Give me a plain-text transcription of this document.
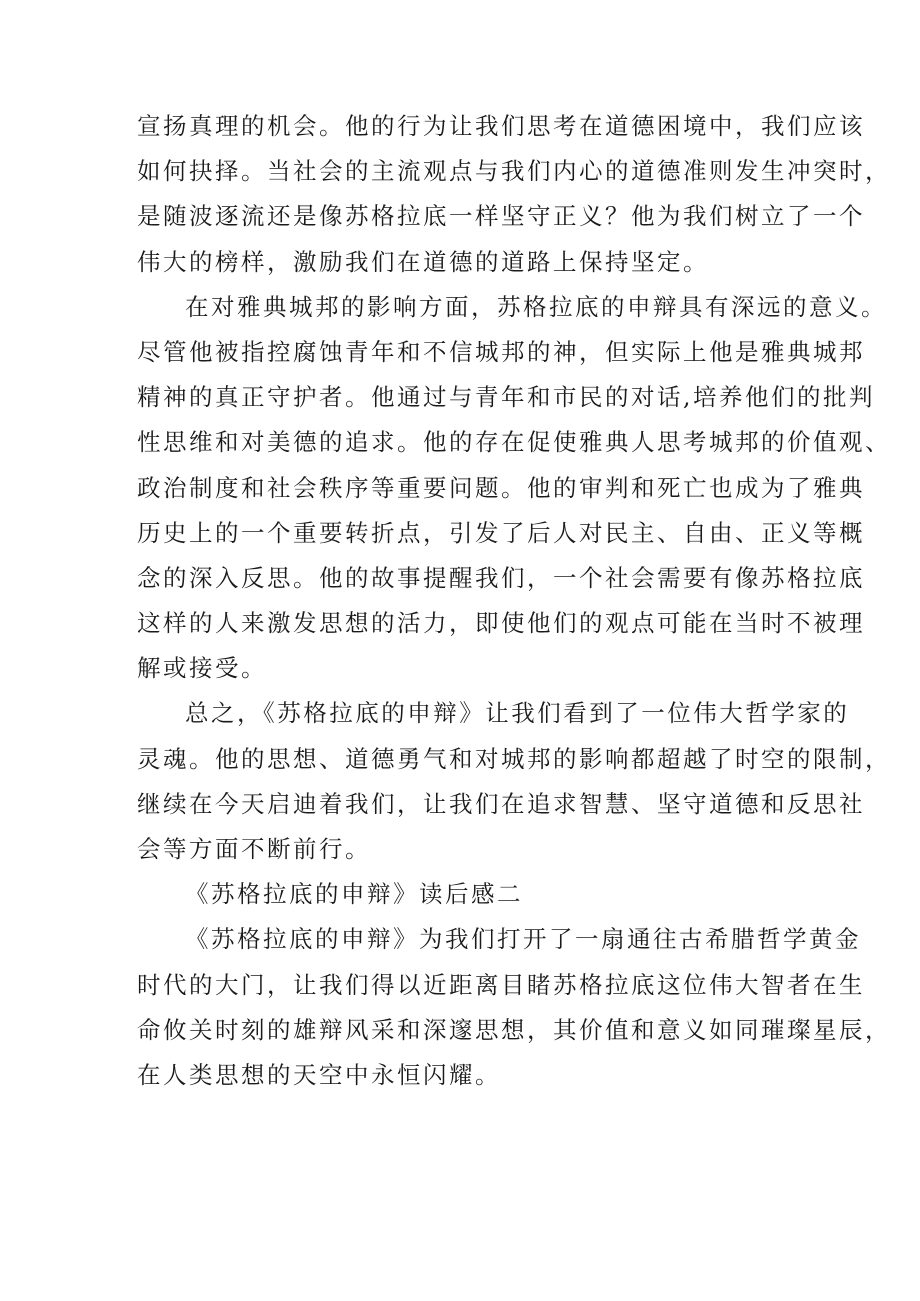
宣扬真理的机会。他的行为让我们思考在道德困境中，我们应该
如何抉择。当社会的主流观点与我们内心的道德准则发生冲突时，
是随波逐流还是像苏格拉底一样坚守正义？他为我们树立了一个
伟大的榜样，激励我们在道德的道路上保持坚定。
在对雅典城邦的影响方面，苏格拉底的申辩具有深远的意义。
尽管他被指控腐蚀青年和不信城邦的神，但实际上他是雅典城邦
精神的真正守护者。他通过与青年和市民的对话,培养他们的批判
性思维和对美德的追求。他的存在促使雅典人思考城邦的价值观、
政治制度和社会秩序等重要问题。他的审判和死亡也成为了雅典
历史上的一个重要转折点，引发了后人对民主、自由、正义等概
念的深入反思。他的故事提醒我们，一个社会需要有像苏格拉底
这样的人来激发思想的活力，即使他们的观点可能在当时不被理
解或接受。
总之，《苏格拉底的申辩》让我们看到了一位伟大哲学家的
灵魂。他的思想、道德勇气和对城邦的影响都超越了时空的限制，
继续在今天启迪着我们，让我们在追求智慧、坚守道德和反思社
会等方面不断前行。
《苏格拉底的申辩》读后感二
《苏格拉底的申辩》为我们打开了一扇通往古希腊哲学黄金
时代的大门，让我们得以近距离目睹苏格拉底这位伟大智者在生
命攸关时刻的雄辩风采和深邃思想，其价值和意义如同璀璨星辰，
在人类思想的天空中永恒闪耀。
